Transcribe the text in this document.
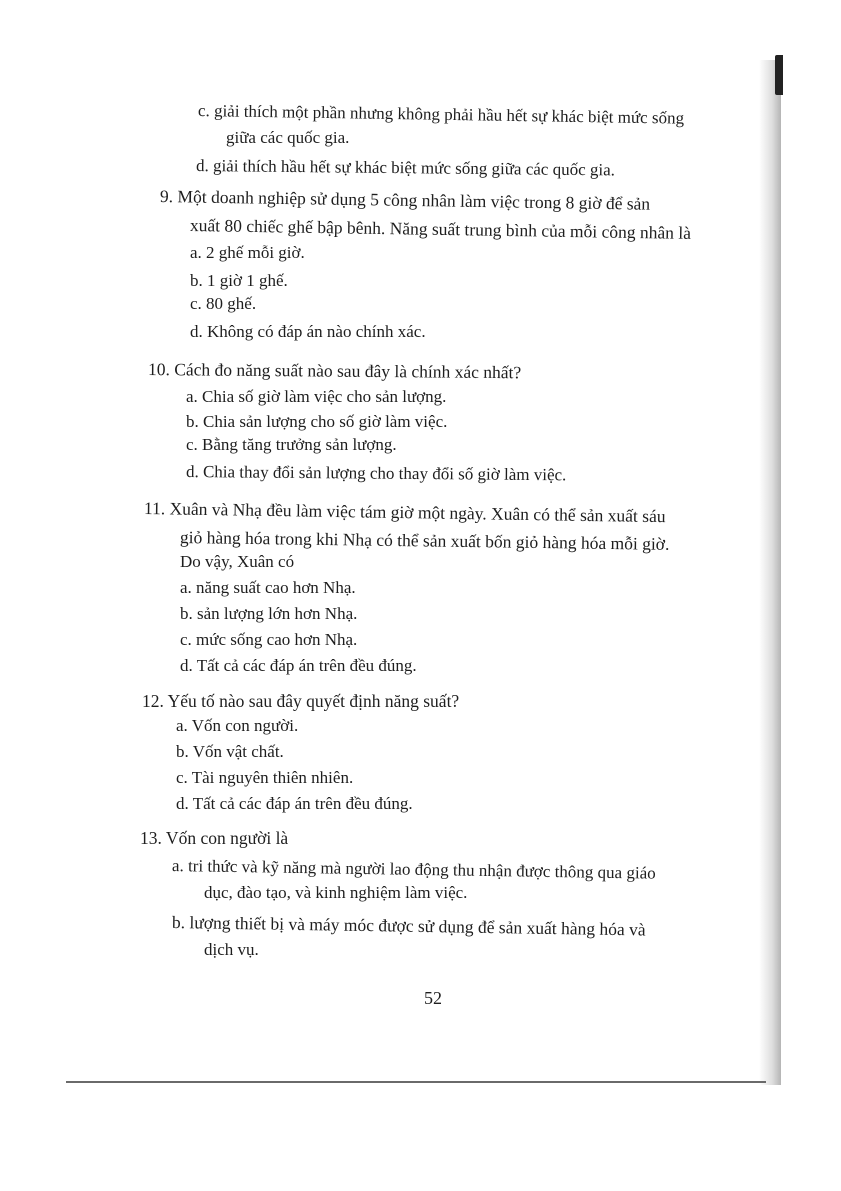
c. giải thích một phần nhưng không phải hầu hết sự khác biệt mức sống
giữa các quốc gia.
d. giải thích hầu hết sự khác biệt mức sống giữa các quốc gia.
9. Một doanh nghiệp sử dụng 5 công nhân làm việc trong 8 giờ để sản
xuất 80 chiếc ghế bập bênh. Năng suất trung bình của mỗi công nhân là
a. 2 ghế mỗi giờ.
b. 1 giờ 1 ghế.
c. 80 ghế.
d. Không có đáp án nào chính xác.
10. Cách đo năng suất nào sau đây là chính xác nhất?
a. Chia số giờ làm việc cho sản lượng.
b. Chia sản lượng cho số giờ làm việc.
c. Bằng tăng trưởng sản lượng.
d. Chia thay đổi sản lượng cho thay đổi số giờ làm việc.
11. Xuân và Nhạ đều làm việc tám giờ một ngày. Xuân có thể sản xuất sáu
giỏ hàng hóa trong khi Nhạ có thể sản xuất bốn giỏ hàng hóa mỗi giờ.
Do vậy, Xuân có
a. năng suất cao hơn Nhạ.
b. sản lượng lớn hơn Nhạ.
c. mức sống cao hơn Nhạ.
d. Tất cả các đáp án trên đều đúng.
12. Yếu tố nào sau đây quyết định năng suất?
a. Vốn con người.
b. Vốn vật chất.
c. Tài nguyên thiên nhiên.
d. Tất cả các đáp án trên đều đúng.
13. Vốn con người là
a. tri thức và kỹ năng mà người lao động thu nhận được thông qua giáo
dục, đào tạo, và kinh nghiệm làm việc.
b. lượng thiết bị và máy móc được sử dụng để sản xuất hàng hóa và
dịch vụ.
52
